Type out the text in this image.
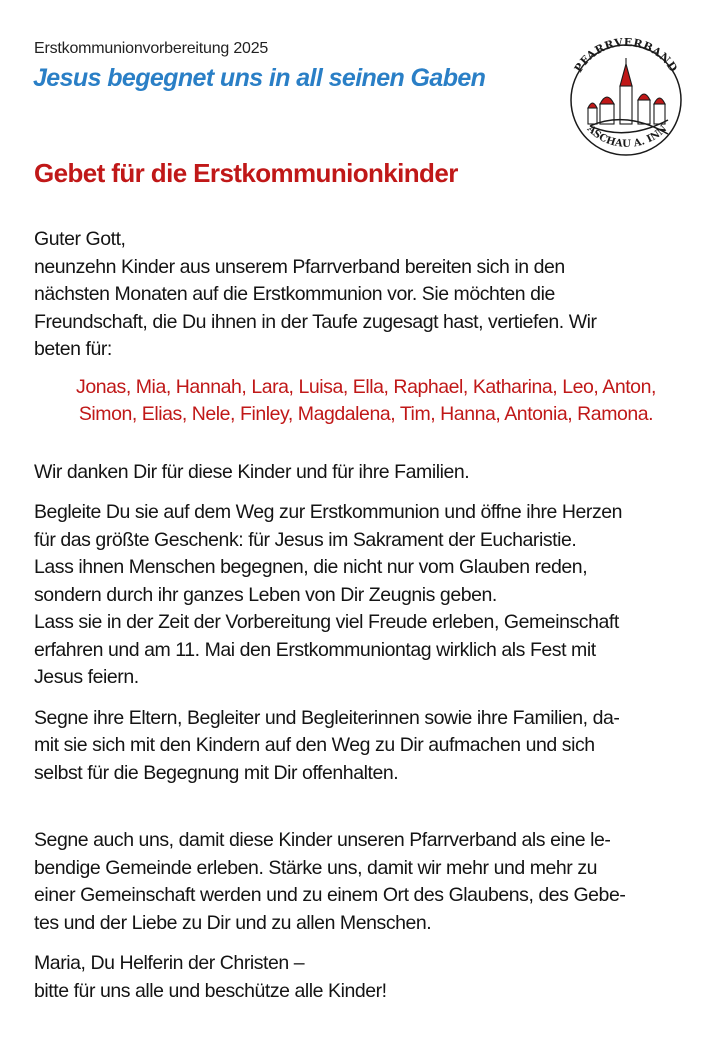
Erstkommunionvorbereitung 2025
Jesus begegnet uns in all seinen Gaben	PFARRVERBAND
ASCHAU A. INN
Gebet für die Erstkommunionkinder

Guter Gott,

neunzehn Kinder aus unserem Pfarrverband bereiten sich in den
nächsten Monaten auf die Erstkommunion vor. Sie möchten die
Freundschaft, die Du ihnen in der Taufe zugesagt hast, vertiefen. Wir
beten für:

Jonas, Mia, Hannah, Lara, Luisa, Ella, Raphael, Katharina, Leo, Anton,
Simon, Elias, Nele, Finley, Magdalena, Tim, Hanna, Antonia, Ramona.

Wir danken Dir für diese Kinder und für ihre Familien.

Begleite Du sie auf dem Weg zur Erstkommunion und öffne ihre Herzen
für das größte Geschenk: für Jesus im Sakrament der Eucharistie.
Lass ihnen Menschen begegnen, die nicht nur vom Glauben reden,
sondern durch ihr ganzes Leben von Dir Zeugnis geben.
Lass sie in der Zeit der Vorbereitung viel Freude erleben, Gemeinschaft
erfahren und am 11. Mai den Erstkommuniontag wirklich als Fest mit
Jesus feiern.

Segne ihre Eltern, Begleiter und Begleiterinnen sowie ihre Familien, da-
mit sie sich mit den Kindern auf den Weg zu Dir aufmachen und sich
selbst für die Begegnung mit Dir offenhalten.

Segne auch uns, damit diese Kinder unseren Pfarrverband als eine le-
bendige Gemeinde erleben. Stärke uns, damit wir mehr und mehr zu
einer Gemeinschaft werden und zu einem Ort des Glaubens, des Gebe-
tes und der Liebe zu Dir und zu allen Menschen.

Maria, Du Helferin der Christen –
bitte für uns alle und beschütze alle Kinder!
